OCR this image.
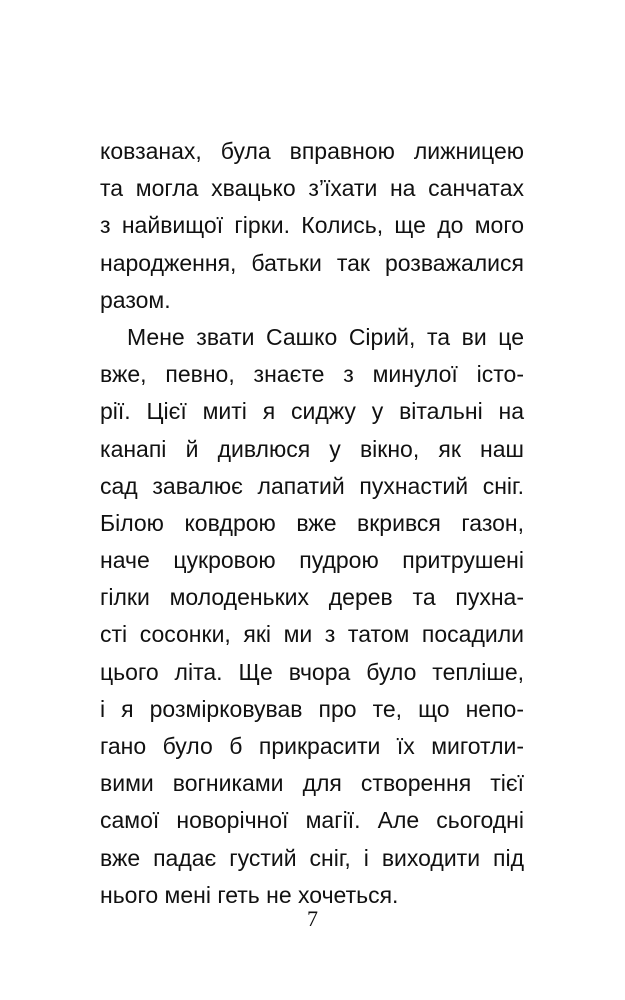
ковзанах, була вправною лижницею
та могла хвацько з’їхати на санчатах
з найвищої гірки. Колись, ще до мого
народження, батьки так розважалися
разом.
Мене звати Сашко Сірий, та ви це
вже, певно, знаєте з минулої істо-
рії. Цієї миті я сиджу у вітальні на
канапі й дивлюся у вікно, як наш
сад завалює лапатий пухнастий сніг.
Білою ковдрою вже вкрився газон,
наче цукровою пудрою притрушені
гілки молоденьких дерев та пухна-
сті сосонки, які ми з татом посадили
цього літа. Ще вчора було тепліше,
і я розмірковував про те, що непо-
гано було б прикрасити їх миготли-
вими вогниками для створення тієї
самої новорічної магії. Але сьогодні
вже падає густий сніг, і виходити під
нього мені геть не хочеться.
7
